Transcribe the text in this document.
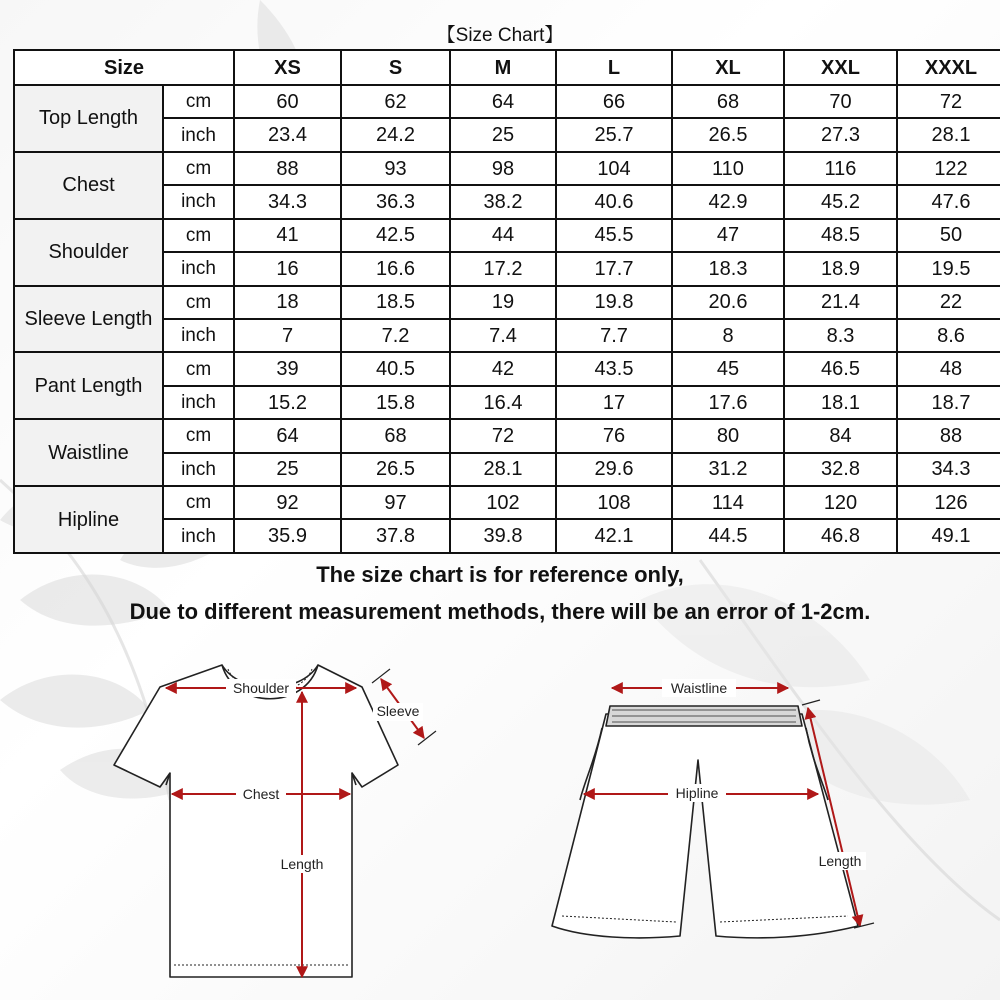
【Size Chart】
Size		XS	S	M	L	XL	XXL	XXXL
Top Length	cm	60	62	64	66	68	70	72
	inch	23.4	24.2	25	25.7	26.5	27.3	28.1
Chest	cm	88	93	98	104	110	116	122
	inch	34.3	36.3	38.2	40.6	42.9	45.2	47.6
Shoulder	cm	41	42.5	44	45.5	47	48.5	50
	inch	16	16.6	17.2	17.7	18.3	18.9	19.5
Sleeve Length	cm	18	18.5	19	19.8	20.6	21.4	22
	inch	7	7.2	7.4	7.7	8	8.3	8.6
Pant Length	cm	39	40.5	42	43.5	45	46.5	48
	inch	15.2	15.8	16.4	17	17.6	18.1	18.7
Waistline	cm	64	68	72	76	80	84	88
	inch	25	26.5	28.1	29.6	31.2	32.8	34.3
Hipline	cm	92	97	102	108	114	120	126
	inch	35.9	37.8	39.8	42.1	44.5	46.8	49.1
The size chart is for reference only,
Due to different measurement methods, there will be an error of 1-2cm.
Shoulder
Sleeve
Chest
Length
Waistline
Hipline
Length
